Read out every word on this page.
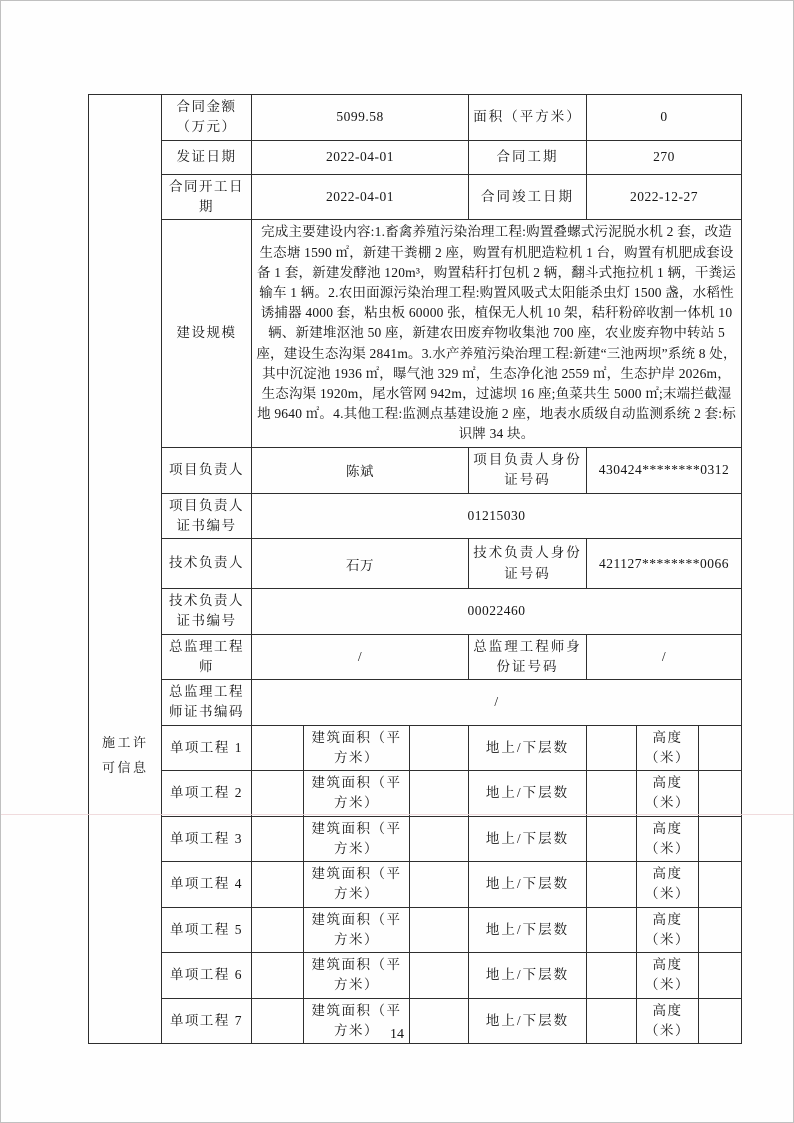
施工许可信息	合同金额（万元）	5099.58			面积（平方米）	0		
	发证日期	2022-04-01			合同工期	270		
	合同开工日期	2022-04-01			合同竣工日期	2022-12-27		
	建设规模	完成主要建设内容:1.畜禽养殖污染治理工程:购置叠螺式污泥脱水机 2 套，改造生态塘 1590 ㎡，新建干粪棚 2 座，购置有机肥造粒机 1 台，购置有机肥成套设备 1 套，新建发酵池 120m³，购置秸秆打包机 2 辆，翻斗式拖拉机 1 辆，干粪运输车 1 辆。2.农田面源污染治理工程:购置风吸式太阳能杀虫灯 1500 盏，水稻性诱捕器 4000 套，粘虫板 60000 张，植保无人机 10 架，秸秆粉碎收割一体机 10 辆、新建堆沤池 50 座，新建农田废弃物收集池 700 座，农业废弃物中转站 5 座，建设生态沟渠 2841m。3.水产养殖污染治理工程:新建“三池两坝”系统 8 处，其中沉淀池 1936 ㎡，曝气池 329 ㎡，生态净化池 2559 ㎡，生态护岸 2026m，生态沟渠 1920m，尾水管网 942m，过滤坝 16 座;鱼菜共生 5000 ㎡;末端拦截湿地 9640 ㎡。4.其他工程:监测点基建设施 2 座，地表水质级自动监测系统 2 套:标识牌 34 块。						
	项目负责人	陈斌			项目负责人身份证号码	430424********0312		
	项目负责人证书编号	01215030						
	技术负责人	石万			技术负责人身份证号码	421127********0066		
	技术负责人证书编号	00022460						
	总监理工程师	/			总监理工程师身份证号码	/		
	总监理工程师证书编码	/						
	单项工程 1		建筑面积（平方米）		地上/下层数		高度（米）	
	单项工程 2		建筑面积（平方米）		地上/下层数		高度（米）	
	单项工程 3		建筑面积（平方米）		地上/下层数		高度（米）	
	单项工程 4		建筑面积（平方米）		地上/下层数		高度（米）	
	单项工程 5		建筑面积（平方米）		地上/下层数		高度（米）	
	单项工程 6		建筑面积（平方米）		地上/下层数		高度（米）	
	单项工程 7		建筑面积（平方米）		地上/下层数		高度（米）	
14
